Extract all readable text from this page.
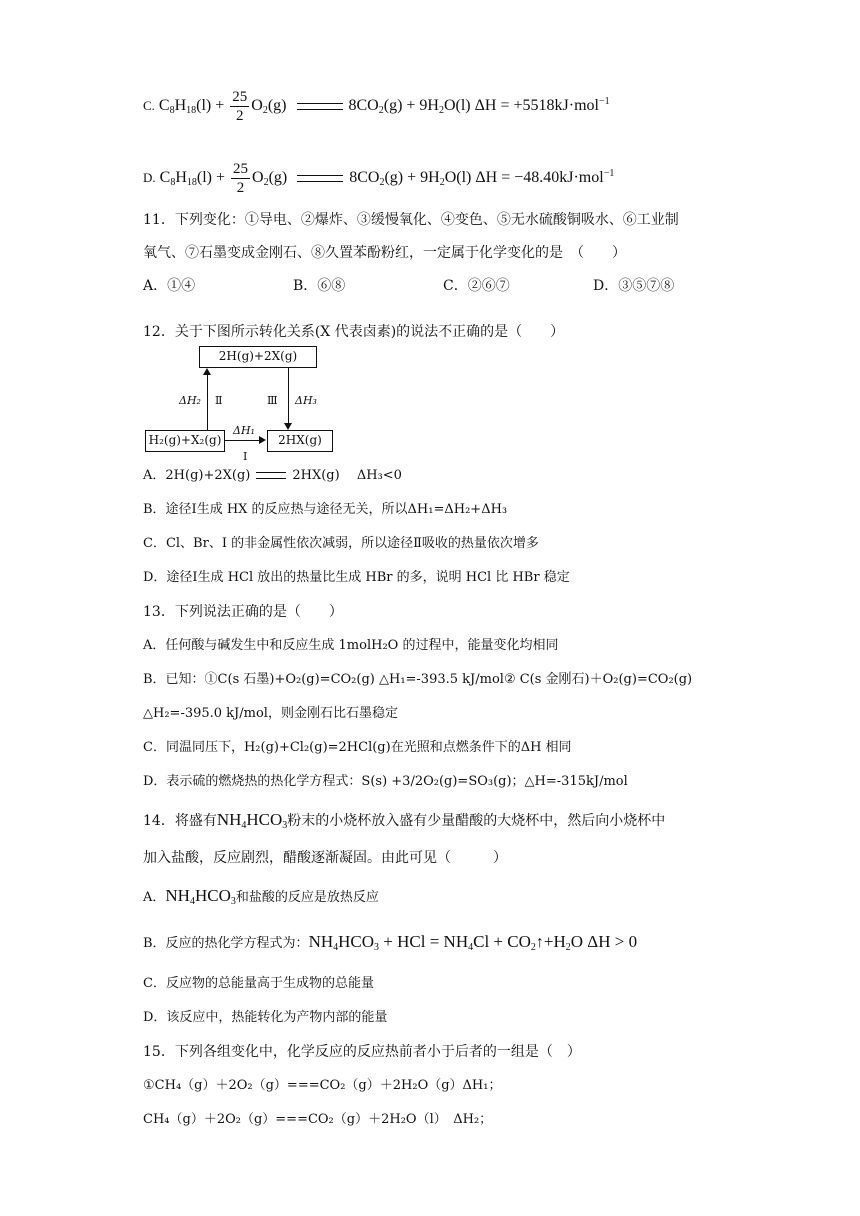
C. $C_8H_{18}(l) + \frac{25}{2} O_2(g)$	$8CO_2(g) + 9H_2O(l) \Delta H = +5518kJ\cdot mol^{-1}$
D. $C_8H_{18}(l) + \frac{25}{2} O_2(g)$	$8CO_2(g) + 9H_2O(l) \Delta H = -48.40kJ\cdot mol^{-1}$
11．下列变化：①导电、②爆炸、③缓慢氧化、④变色、⑤无水硫酸铜吸水、⑥工业制
氧气、⑦石墨变成金刚石、⑧久置苯酚粉红，一定属于化学变化的是　（　　）
A．①④	B．⑥⑧	C．②⑥⑦	D．③⑤⑦⑧
12．关于下图所示转化关系(X 代表卤素)的说法不正确的是（　　）
2H(g)+2X(g)
H₂(g)+X₂(g)	2HX(g)
ΔH₂ Ⅱ	Ⅲ ΔH₃
ΔH₁
Ⅰ
A．2H(g)+2X(g)	2HX(g)　 ΔH₃<0
B．途径Ⅰ生成 HX 的反应热与途径无关，所以ΔH₁=ΔH₂+ΔH₃
C．Cl、Br、I 的非金属性依次减弱，所以途径Ⅱ吸收的热量依次增多
D．途径Ⅰ生成 HCl 放出的热量比生成 HBr 的多，说明 HCl 比 HBr 稳定
13．下列说法正确的是（　　）
A．任何酸与碱发生中和反应生成 1molH₂O 的过程中，能量变化均相同
B．已知：①C(s 石墨)+O₂(g)=CO₂(g) △H₁=-393.5 kJ/mol② C(s 金刚石)＋O₂(g)=CO₂(g)
△H₂=-395.0 kJ/mol，则金刚石比石墨稳定
C．同温同压下，H₂(g)+Cl₂(g)=2HCl(g)在光照和点燃条件下的ΔH 相同
D．表示硫的燃烧热的热化学方程式：S(s) +3/2O₂(g)=SO₃(g)；△H=-315kJ/mol
14．将盛有$NH_4HCO_3$粉末的小烧杯放入盛有少量醋酸的大烧杯中，然后向小烧杯中
加入盐酸，反应剧烈，醋酸逐渐凝固。由此可见（　　　）
A．$NH_4HCO_3$和盐酸的反应是放热反应
B．反应的热化学方程式为：$NH_4HCO_3$ + HCl = $NH_4Cl$ + $CO_2↑+H_2O$ ΔH > 0
C．反应物的总能量高于生成物的总能量
D．该反应中，热能转化为产物内部的能量
15．下列各组变化中，化学反应的反应热前者小于后者的一组是（　）
①CH₄（g）＋2O₂（g）===CO₂（g）＋2H₂O（g）ΔH₁；
CH₄（g）＋2O₂（g）===CO₂（g）＋2H₂O（l）　ΔH₂；
